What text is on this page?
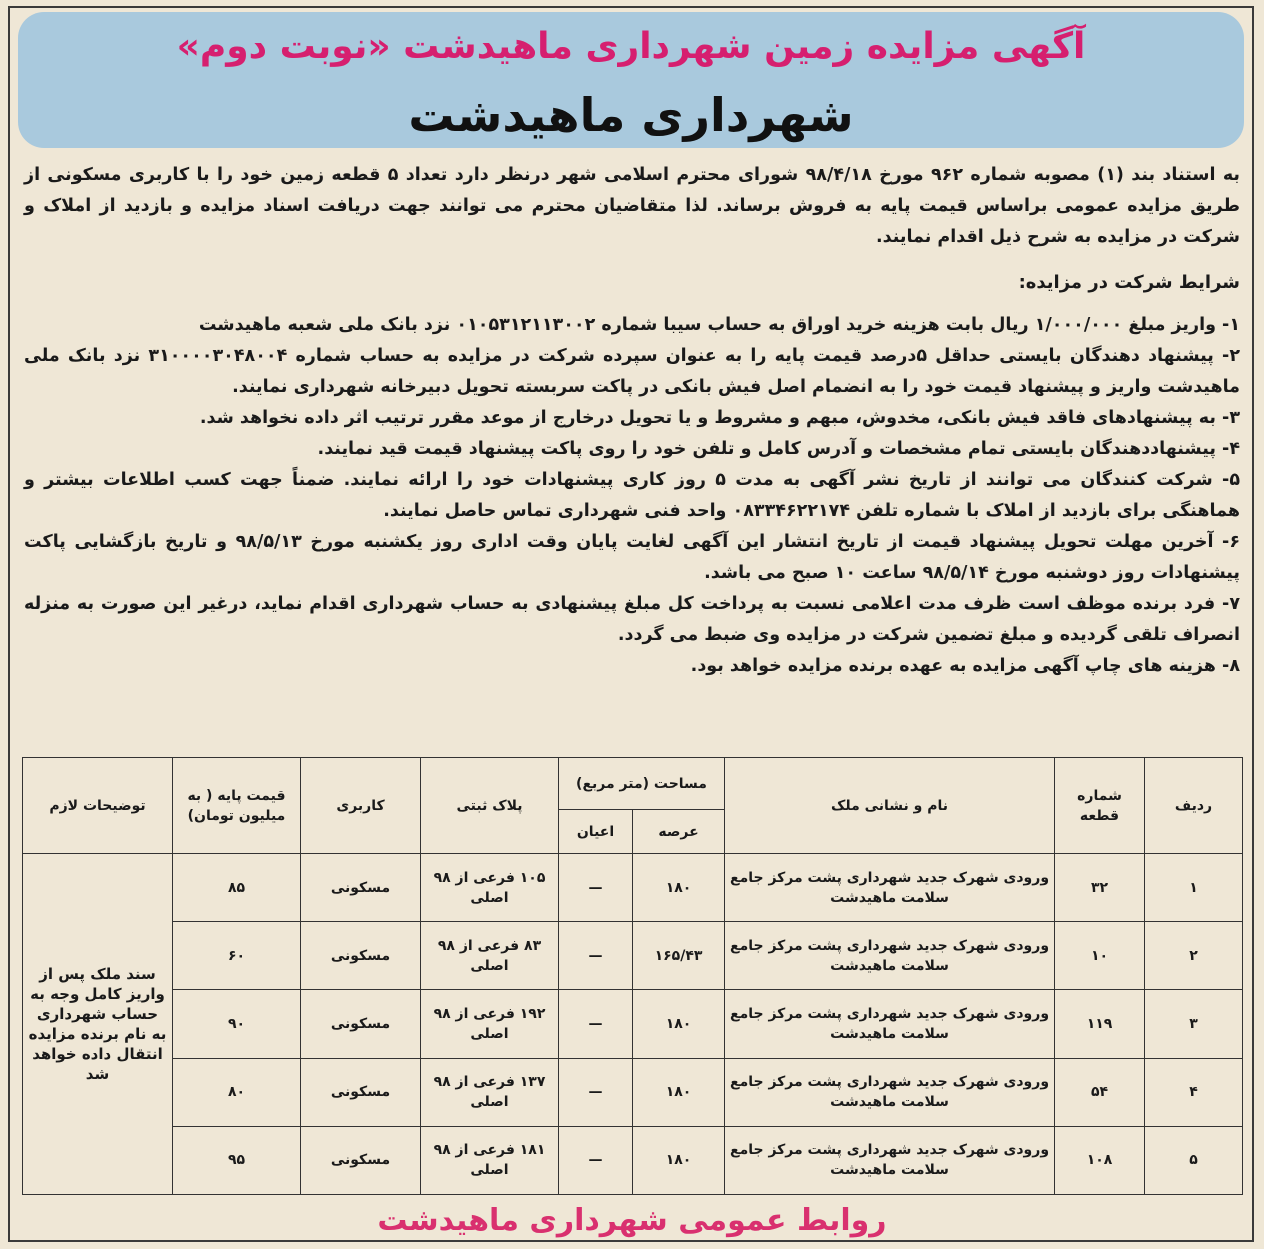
آگهی مزایده زمین شهرداری ماهیدشت «نوبت دوم»
شهرداری ماهیدشت
به استناد بند (۱) مصوبه شماره ۹۶۲ مورخ ۹۸/۴/۱۸ شورای محترم اسلامی شهر درنظر دارد تعداد ۵ قطعه زمین خود را با کاربری مسکونی از طریق مزایده عمومی براساس قیمت پایه به فروش برساند. لذا متقاضیان محترم می توانند جهت دریافت اسناد مزایده و بازدید از املاک و شرکت در مزایده به شرح ذیل اقدام نمایند.
شرایط شرکت در مزایده:

۱- واریز مبلغ ۱/۰۰۰/۰۰۰ ریال بابت هزینه خرید اوراق به حساب سیبا شماره ۰۱۰۵۳۱۲۱۱۳۰۰۲ نزد بانک ملی شعبه ماهیدشت

۲- پیشنهاد دهندگان بایستی حداقل ۵درصد قیمت پایه را به عنوان سپرده شرکت در مزایده به حساب شماره ۳۱۰۰۰۰۳۰۴۸۰۰۴ نزد بانک ملی ماهیدشت واریز و پیشنهاد قیمت خود را به انضمام اصل فیش بانکی در پاکت سربسته تحویل دبیرخانه شهرداری نمایند.

۳- به پیشنهادهای فاقد فیش بانکی، مخدوش، مبهم و مشروط و یا تحویل درخارج از موعد مقرر ترتیب اثر داده نخواهد شد.

۴- پیشنهاددهندگان بایستی تمام مشخصات و آدرس کامل و تلفن خود را روی پاکت پیشنهاد قیمت قید نمایند.

۵- شرکت کنندگان می توانند از تاریخ نشر آگهی به مدت ۵ روز کاری پیشنهادات خود را ارائه نمایند. ضمناً جهت کسب اطلاعات بیشتر و هماهنگی برای بازدید از املاک با شماره تلفن ۰۸۳۳۴۶۲۲۱۷۴ واحد فنی شهرداری تماس حاصل نمایند.

۶- آخرین مهلت تحویل پیشنهاد قیمت از تاریخ انتشار این آگهی لغایت پایان وقت اداری روز یکشنبه مورخ ۹۸/۵/۱۳ و تاریخ بازگشایی پاکت پیشنهادات روز دوشنبه مورخ ۹۸/۵/۱۴ ساعت ۱۰ صبح می باشد.

۷- فرد برنده موظف است ظرف مدت اعلامی نسبت به پرداخت کل مبلغ پیشنهادی به حساب شهرداری اقدام نماید، درغیر این صورت به منزله انصراف تلقی گردیده و مبلغ تضمین شرکت در مزایده وی ضبط می گردد.

۸- هزینه های چاپ آگهی مزایده به عهده برنده مزایده خواهد بود.

ردیف	شماره قطعه	نام و نشانی ملک	مساحت (متر مربع)		پلاک ثبتی	کاربری	قیمت پایه ( به میلیون تومان)	توضیحات لازم
			عرصه	اعیان				
۱	۳۲	ورودی شهرک جدید شهرداری پشت مرکز جامع سلامت ماهیدشت	۱۸۰	—	۱۰۵ فرعی از ۹۸ اصلی	مسکونی	۸۵	سند ملک پس از واریز کامل وجه به حساب شهرداری به نام برنده مزایده انتقال داده خواهد شد
۲	۱۰	ورودی شهرک جدید شهرداری پشت مرکز جامع سلامت ماهیدشت	۱۶۵/۴۳	—	۸۳ فرعی از ۹۸ اصلی	مسکونی	۶۰	
۳	۱۱۹	ورودی شهرک جدید شهرداری پشت مرکز جامع سلامت ماهیدشت	۱۸۰	—	۱۹۲ فرعی از ۹۸ اصلی	مسکونی	۹۰	
۴	۵۴	ورودی شهرک جدید شهرداری پشت مرکز جامع سلامت ماهیدشت	۱۸۰	—	۱۳۷ فرعی از ۹۸ اصلی	مسکونی	۸۰	
۵	۱۰۸	ورودی شهرک جدید شهرداری پشت مرکز جامع سلامت ماهیدشت	۱۸۰	—	۱۸۱ فرعی از ۹۸ اصلی	مسکونی	۹۵	
روابط عمومی شهرداری ماهیدشت
